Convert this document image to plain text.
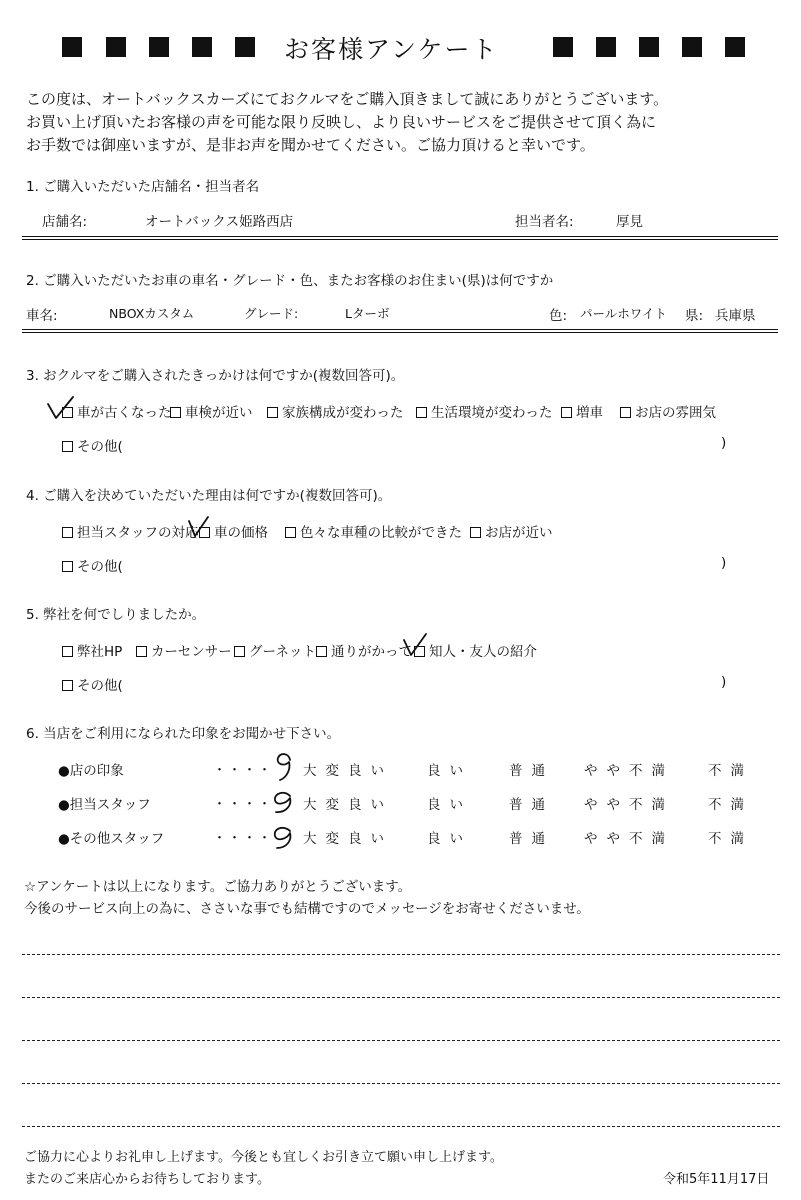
お客様アンケート
この度は、オートバックスカーズにておクルマをご購入頂きまして誠にありがとうございます。
お買い上げ頂いたお客様の声を可能な限り反映し、より良いサービスをご提供させて頂く為に
お手数では御座いますが、是非お声を聞かせてください。ご協力頂けると幸いです。
1. ご購入いただいた店舗名・担当者名
店舗名:	オートバックス姫路西店	担当者名:	厚見
2. ご購入いただいたお車の車名・グレード・色、またお客様のお住まい(県)は何ですか
車名:	NBOXカスタム	グレード:	Lターボ	色: パールホワイト 県: 兵庫県
3. おクルマをご購入されたきっかけは何ですか(複数回答可)。
車が古くなった	車検が近い	家族構成が変わった	生活環境が変わった	増車	お店の雰囲気
その他(	)
4. ご購入を決めていただいた理由は何ですか(複数回答可)。
担当スタッフの対応	車の価格	色々な車種の比較ができた	お店が近い
その他(	)
5. 弊社を何でしりましたか。
弊社HP	カーセンサー	グーネット	通りがかって	知人・友人の紹介
その他(	)
6. 当店をご利用になられた印象をお聞かせ下さい。
●店の印象	・・・・ 大変良い	良い	普通 やや不満	不満
●担当スタッフ	・・・・ 大変良い	良い	普通 やや不満	不満
●その他スタッフ	・・・・ 大変良い	良い	普通 やや不満	不満
☆アンケートは以上になります。ご協力ありがとうございます。
今後のサービス向上の為に、ささいな事でも結構ですのでメッセージをお寄せくださいませ。
ご協力に心よりお礼申し上げます。今後とも宜しくお引き立て願い申し上げます。
またのご来店心からお待ちしております。	令和5年11月17日
